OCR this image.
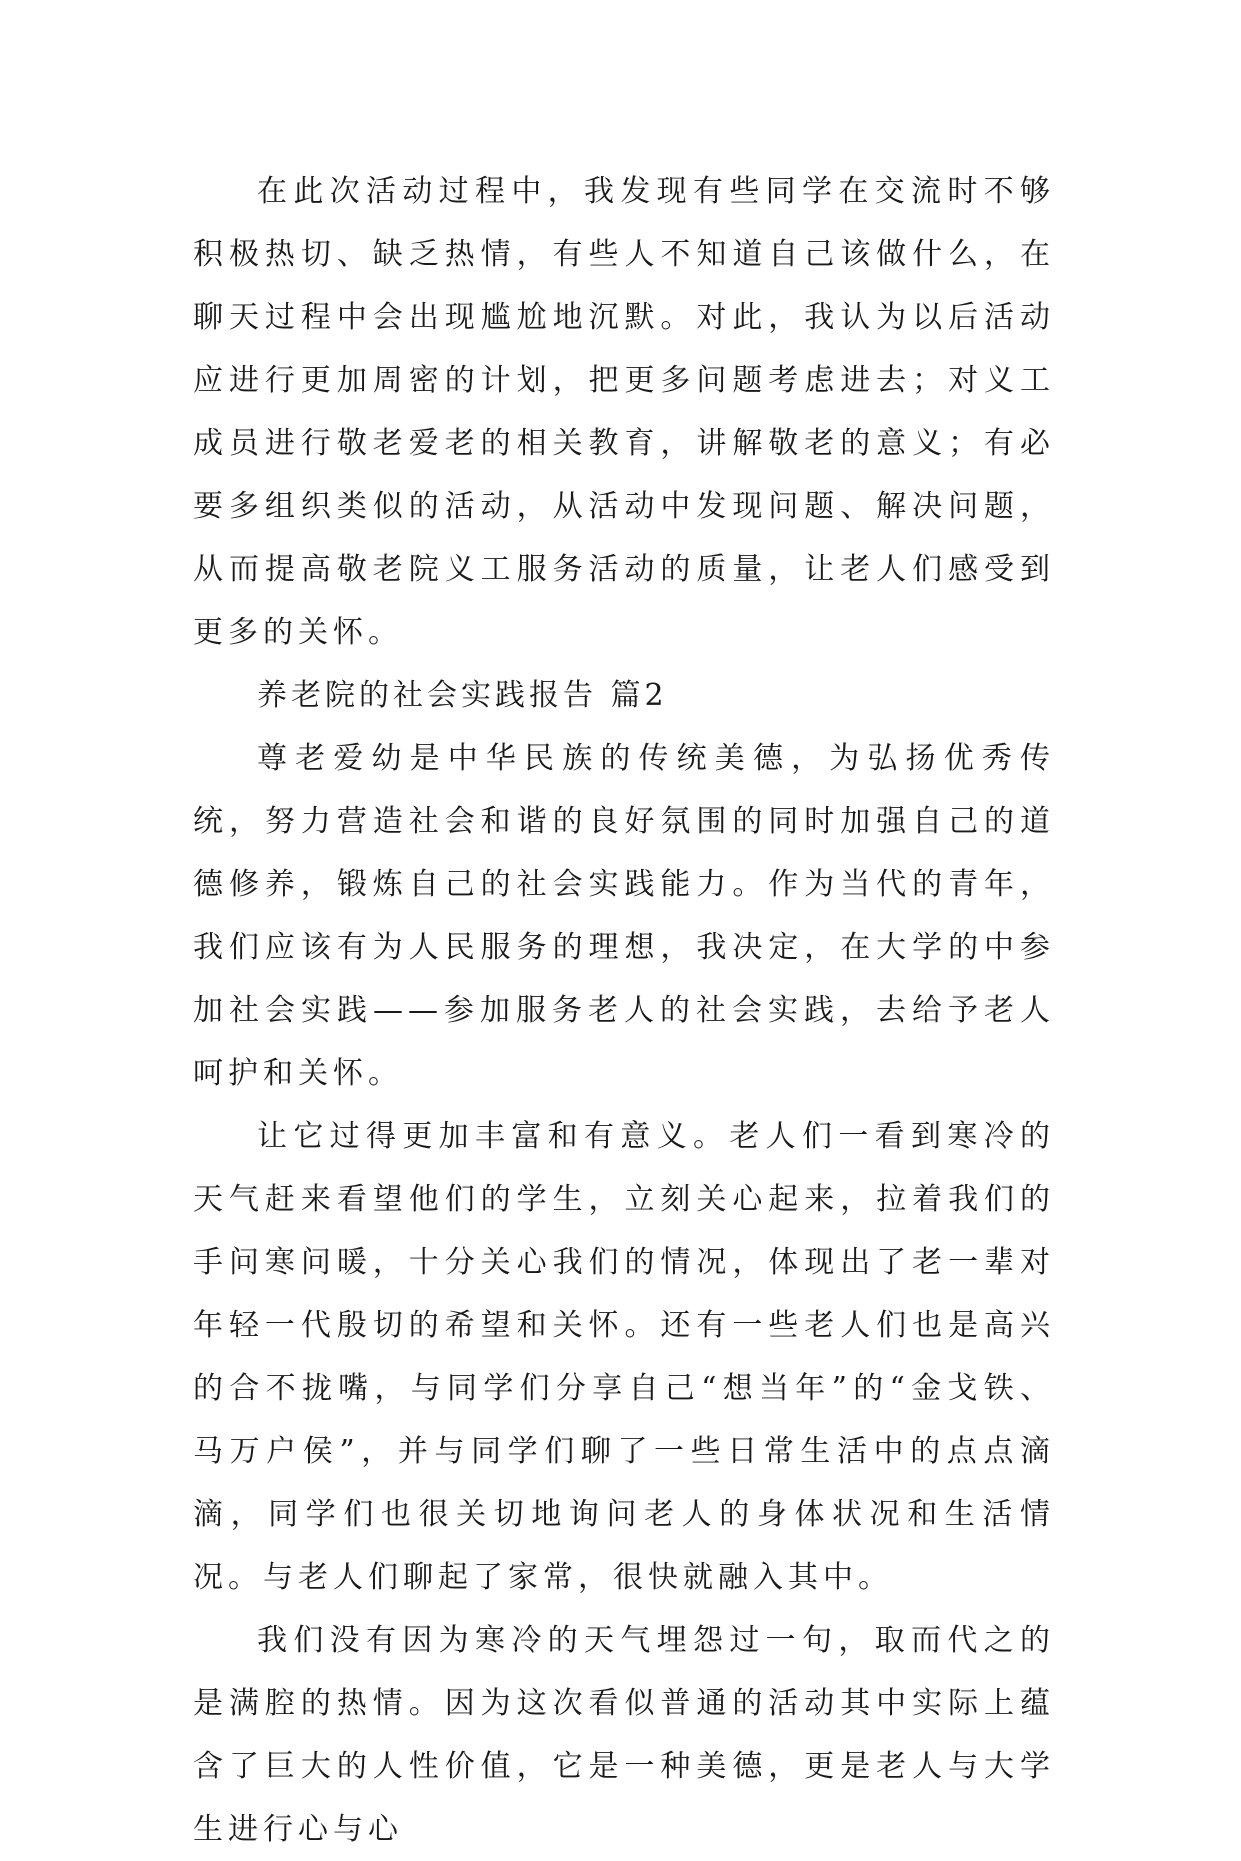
在此次活动过程中，我发现有些同学在交流时不够积极热切、缺乏热情，有些人不知道自己该做什么，在聊天过程中会出现尴尬地沉默。对此，我认为以后活动应进行更加周密的计划，把更多问题考虑进去；对义工成员进行敬老爱老的相关教育，讲解敬老的意义；有必要多组织类似的活动，从活动中发现问题、解决问题，从而提高敬老院义工服务活动的质量，让老人们感受到更多的关怀。

养老院的社会实践报告 篇2

尊老爱幼是中华民族的传统美德，为弘扬优秀传统，努力营造社会和谐的良好氛围的同时加强自己的道德修养，锻炼自己的社会实践能力。作为当代的青年，我们应该有为人民服务的理想，我决定，在大学的中参加社会实践——参加服务老人的社会实践，去给予老人呵护和关怀。

让它过得更加丰富和有意义。老人们一看到寒冷的天气赶来看望他们的学生，立刻关心起来，拉着我们的手问寒问暖，十分关心我们的情况，体现出了老一辈对年轻一代殷切的希望和关怀。还有一些老人们也是高兴的合不拢嘴，与同学们分享自己“想当年”的“金戈铁、马万户侯”，并与同学们聊了一些日常生活中的点点滴滴，同学们也很关切地询问老人的身体状况和生活情况。与老人们聊起了家常，很快就融入其中。

我们没有因为寒冷的天气埋怨过一句，取而代之的是满腔的热情。因为这次看似普通的活动其中实际上蕴含了巨大的人性价值，它是一种美德，更是老人与大学生进行心与心
